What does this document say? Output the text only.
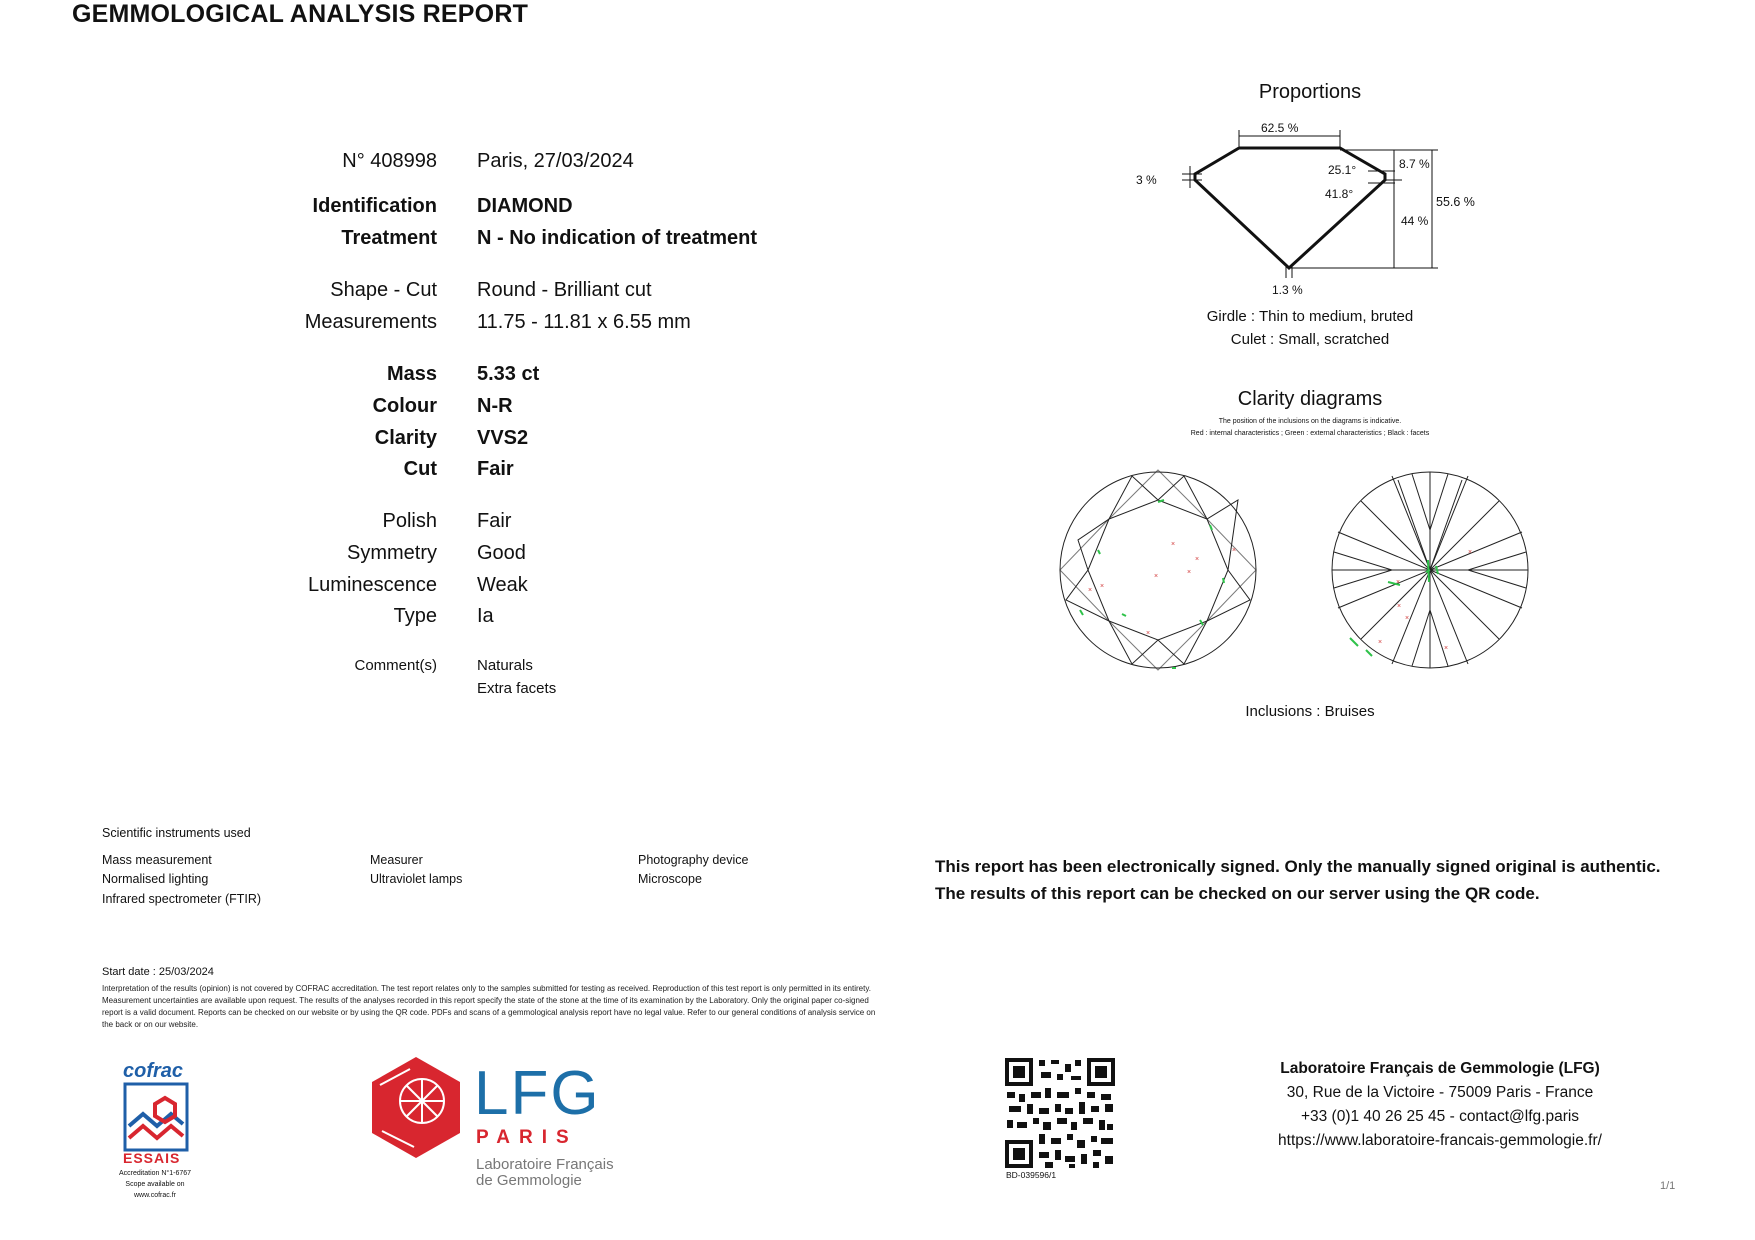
GEMMOLOGICAL ANALYSIS REPORT
N° 408998 Paris, 27/03/2024
Identification DIAMOND
Treatment N - No indication of treatment
Shape - Cut Round - Brilliant cut
Measurements 11.75 - 11.81 x 6.55 mm
Mass 5.33 ct
Colour N-R
Clarity VVS2
Cut Fair
Polish Fair
Symmetry Good
Luminescence Weak
Type Ia
Comment(s)	Naturals
Extra facets
Proportions
62.5 %
8.7 %
55.6 %
3 %
25.1°
41.8°
44 %
1.3 %
Girdle : Thin to medium, bruted
Culet : Small, scratched
Clarity diagrams
The position of the inclusions on the diagrams is indicative.
Red : internal characteristics ; Green : external characteristics ; Black : facets
×
×
×
×
×
×
×
×
×
×
×
×
×
×
Inclusions : Bruises
Scientific instruments used
Mass measurement
Normalised lighting
Infrared spectrometer (FTIR)
Measurer
Ultraviolet lamps
Photography device
Microscope
This report has been electronically signed. Only the manually signed original is authentic.
The results of this report can be checked on our server using the QR code.
Start date : 25/03/2024
Interpretation of the results (opinion) is not covered by COFRAC accreditation. The test report relates only to the samples submitted for testing as received. Reproduction of this test report is only permitted in its entirety. Measurement uncertainties are available upon request. The results of the analyses recorded in this report specify the state of the stone at the time of its examination by the Laboratory. Only the original paper co-signed report is a valid document. Reports can be checked on our website or by using the QR code. PDFs and scans of a gemmological analysis report have no legal value. Refer to our general conditions of analysis service on the back or on our website.
cofrac
ESSAIS
Accreditation N°1-6767
Scope available on
www.cofrac.fr
LFG
PARIS
Laboratoire Français
de Gemmologie	BD-039596/1
Laboratoire Français de Gemmologie (LFG)
30, Rue de la Victoire - 75009 Paris - France
+33 (0)1 40 26 25 45 - contact@lfg.paris
https://www.laboratoire-francais-gemmologie.fr/
1/1
